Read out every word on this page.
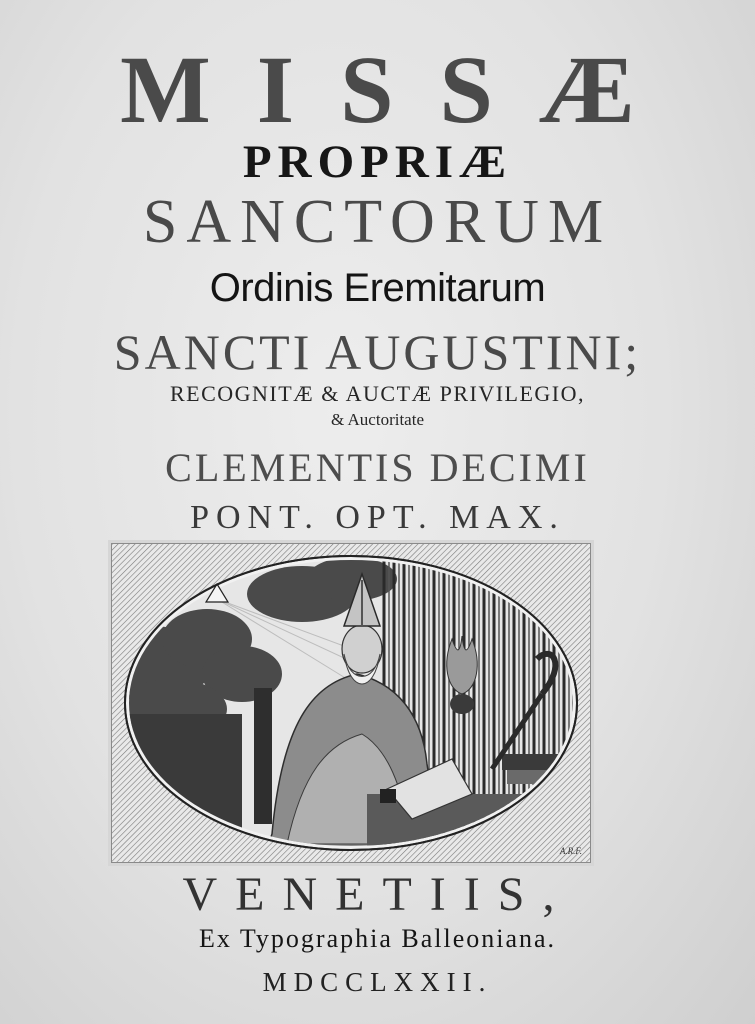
MISSÆ
PROPRIÆ
SANCTORUM
Ordinis Eremitarum
SANCTI AUGUSTINI;
RECOGNITÆ & AUCTÆ PRIVILEGIO,
& Auctoritate
CLEMENTIS DECIMI
PONT. OPT. MAX.
A.R.F.
VENETIIS,
Ex Typographia Balleoniana.
MDCCLXXII.
